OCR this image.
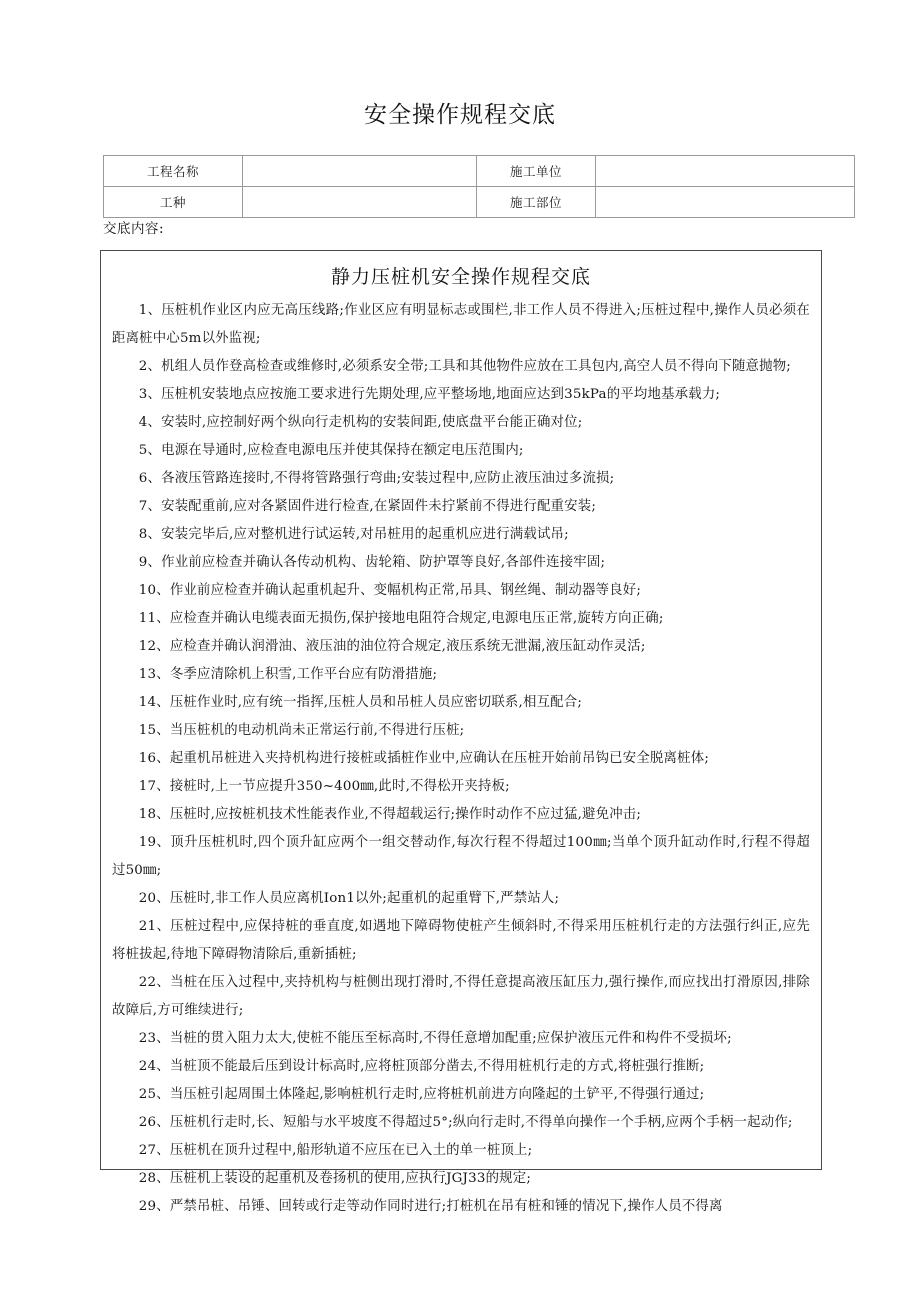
安全操作规程交底
工程名称		施工单位	
工种		施工部位	
交底内容:
静力压桩机安全操作规程交底

1、压桩机作业区内应无高压线路;作业区应有明显标志或围栏,非工作人员不得进入;压桩过程中,操作人员必须在距离桩中心5m以外监视;

2、机组人员作登高检查或维修时,必须系安全带;工具和其他物件应放在工具包内,高空人员不得向下随意抛物;

3、压桩机安装地点应按施工要求进行先期处理,应平整场地,地面应达到35kPa的平均地基承载力;

4、安装时,应控制好两个纵向行走机构的安装间距,使底盘平台能正确对位;

5、电源在导通时,应检查电源电压并使其保持在额定电压范围内;

6、各液压管路连接时,不得将管路强行弯曲;安装过程中,应防止液压油过多流损;

7、安装配重前,应对各紧固件进行检查,在紧固件未拧紧前不得进行配重安装;

8、安装完毕后,应对整机进行试运转,对吊桩用的起重机应进行满载试吊;

9、作业前应检查并确认各传动机构、齿轮箱、防护罩等良好,各部件连接牢固;

10、作业前应检查并确认起重机起升、变幅机构正常,吊具、钢丝绳、制动器等良好;

11、应检查并确认电缆表面无损伤,保护接地电阻符合规定,电源电压正常,旋转方向正确;

12、应检查并确认润滑油、液压油的油位符合规定,液压系统无泄漏,液压缸动作灵活;

13、冬季应清除机上积雪,工作平台应有防滑措施;

14、压桩作业时,应有统一指挥,压桩人员和吊桩人员应密切联系,相互配合;

15、当压桩机的电动机尚未正常运行前,不得进行压桩;

16、起重机吊桩进入夹持机构进行接桩或插桩作业中,应确认在压桩开始前吊钩已安全脱离桩体;

17、接桩时,上一节应提升350~400㎜,此时,不得松开夹持板;

18、压桩时,应按桩机技术性能表作业,不得超载运行;操作时动作不应过猛,避免冲击;

19、顶升压桩机时,四个顶升缸应两个一组交替动作,每次行程不得超过100㎜;当单个顶升缸动作时,行程不得超过50㎜;

20、压桩时,非工作人员应离机Ion1以外;起重机的起重臂下,严禁站人;

21、压桩过程中,应保持桩的垂直度,如遇地下障碍物使桩产生倾斜时,不得采用压桩机行走的方法强行纠正,应先将桩拔起,待地下障碍物清除后,重新插桩;

22、当桩在压入过程中,夹持机构与桩侧出现打滑时,不得任意提高液压缸压力,强行操作,而应找出打滑原因,排除故障后,方可维续进行;

23、当桩的贯入阻力太大,使桩不能压至标高时,不得任意增加配重;应保护液压元件和构件不受损坏;

24、当桩顶不能最后压到设计标高时,应将桩顶部分凿去,不得用桩机行走的方式,将桩强行推断;

25、当压桩引起周围土体隆起,影响桩机行走时,应将桩机前进方向隆起的土铲平,不得强行通过;

26、压桩机行走时,长、短船与水平坡度不得超过5°;纵向行走时,不得单向操作一个手柄,应两个手柄一起动作;

27、压桩机在顶升过程中,船形轨道不应压在已入土的单一桩顶上;

28、压桩机上装设的起重机及卷扬机的使用,应执行JGJ33的规定;

29、严禁吊桩、吊锤、回转或行走等动作同时进行;打桩机在吊有桩和锤的情况下,操作人员不得离
